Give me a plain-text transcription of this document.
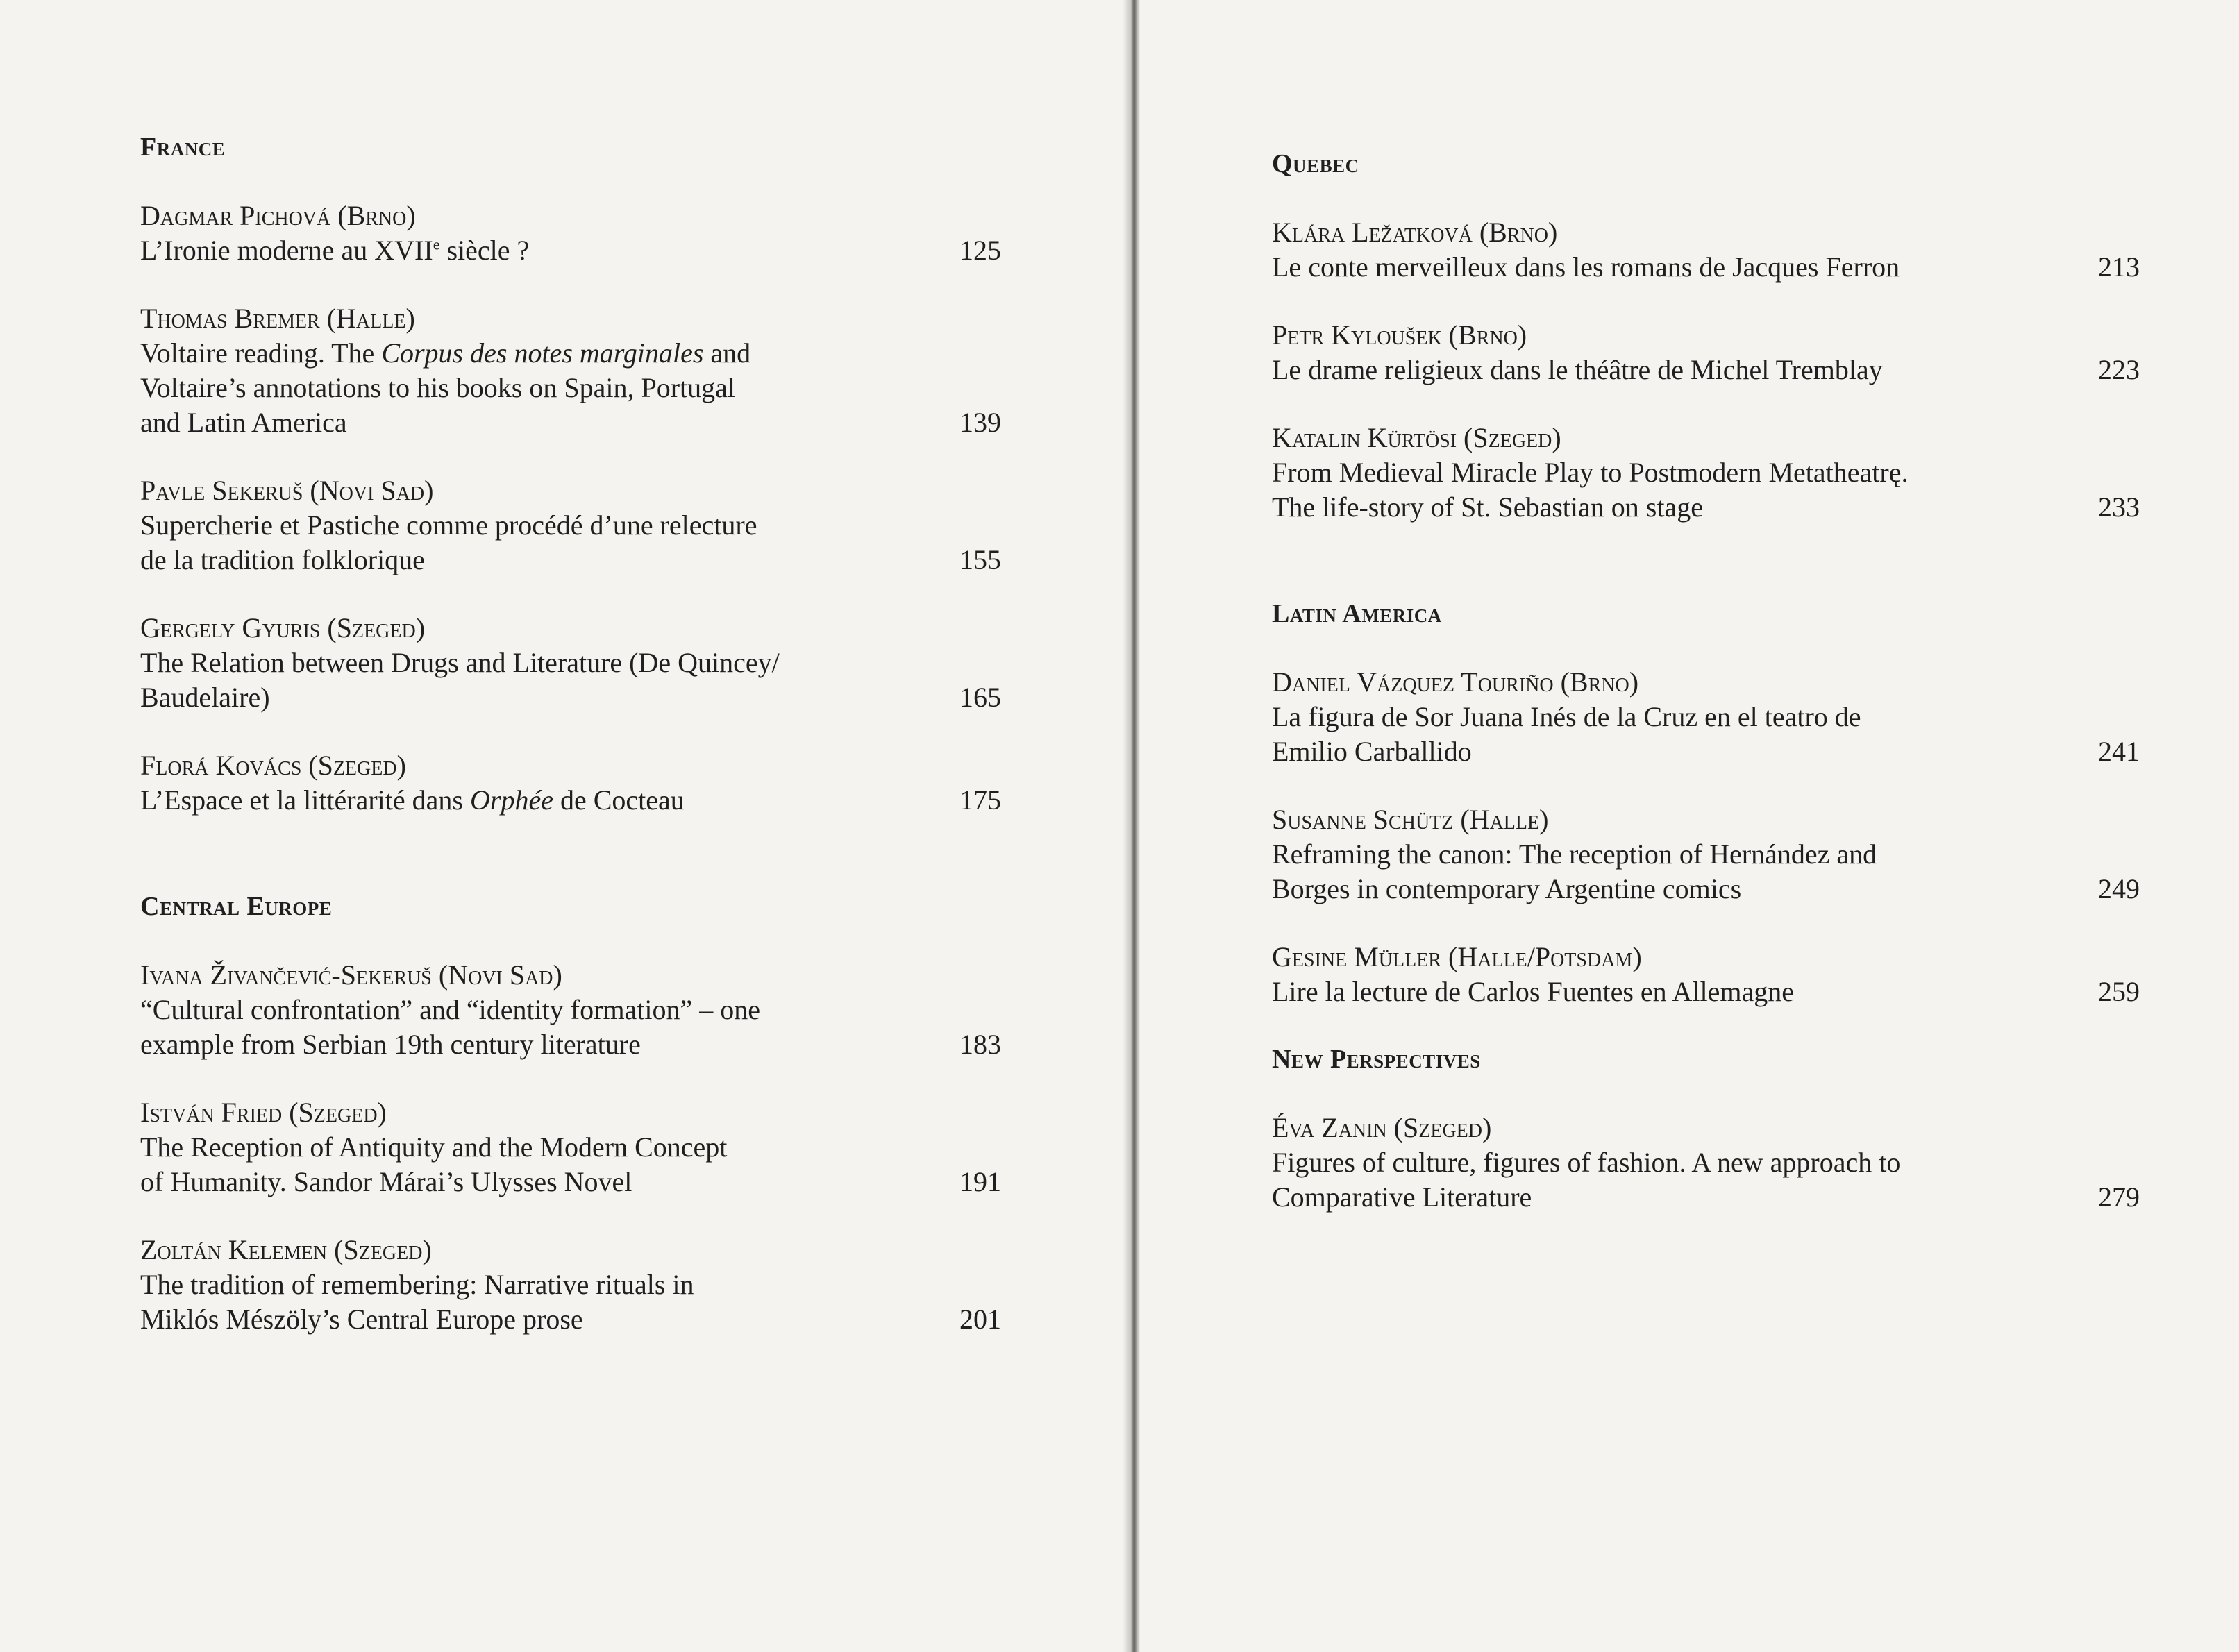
France
Dagmar Pichová (Brno)
L’Ironie moderne au XVIIe siècle ?	125
Thomas Bremer (Halle)
Voltaire reading. The Corpus des notes marginales and
Voltaire’s annotations to his books on Spain, Portugal
and Latin America	139
Pavle Sekeruš (Novi Sad)
Supercherie et Pastiche comme procédé d’une relecture
de la tradition folklorique	155
Gergely Gyuris (Szeged)
The Relation between Drugs and Literature (De Quincey/
Baudelaire)	165
Florá Kovács (Szeged)
L’Espace et la littérarité dans Orphée de Cocteau	175
Central Europe
Ivana Živančević-Sekeruš (Novi Sad)
“Cultural confrontation” and “identity formation” – one
example from Serbian 19th century literature	183
István Fried (Szeged)
The Reception of Antiquity and the Modern Concept
of Humanity. Sandor Márai’s Ulysses Novel	191
Zoltán Kelemen (Szeged)
The tradition of remembering: Narrative rituals in
Miklós Mészöly’s Central Europe prose	201
Quebec
Klára Ležatková (Brno)
Le conte merveilleux dans les romans de Jacques Ferron	213
Petr Kyloušek (Brno)
Le drame religieux dans le théâtre de Michel Tremblay	223
Katalin Kürtösi (Szeged)
From Medieval Miracle Play to Postmodern Metatheatrę.
The life-story of St. Sebastian on stage	233
Latin America
Daniel Vázquez Touriño (Brno)
La figura de Sor Juana Inés de la Cruz en el teatro de
Emilio Carballido	241
Susanne Schütz (Halle)
Reframing the canon: The reception of Hernández and
Borges in contemporary Argentine comics	249
Gesine Müller (Halle/Potsdam)
Lire la lecture de Carlos Fuentes en Allemagne	259
New Perspectives
Éva Zanin (Szeged)
Figures of culture, figures of fashion. A new approach to
Comparative Literature	279
